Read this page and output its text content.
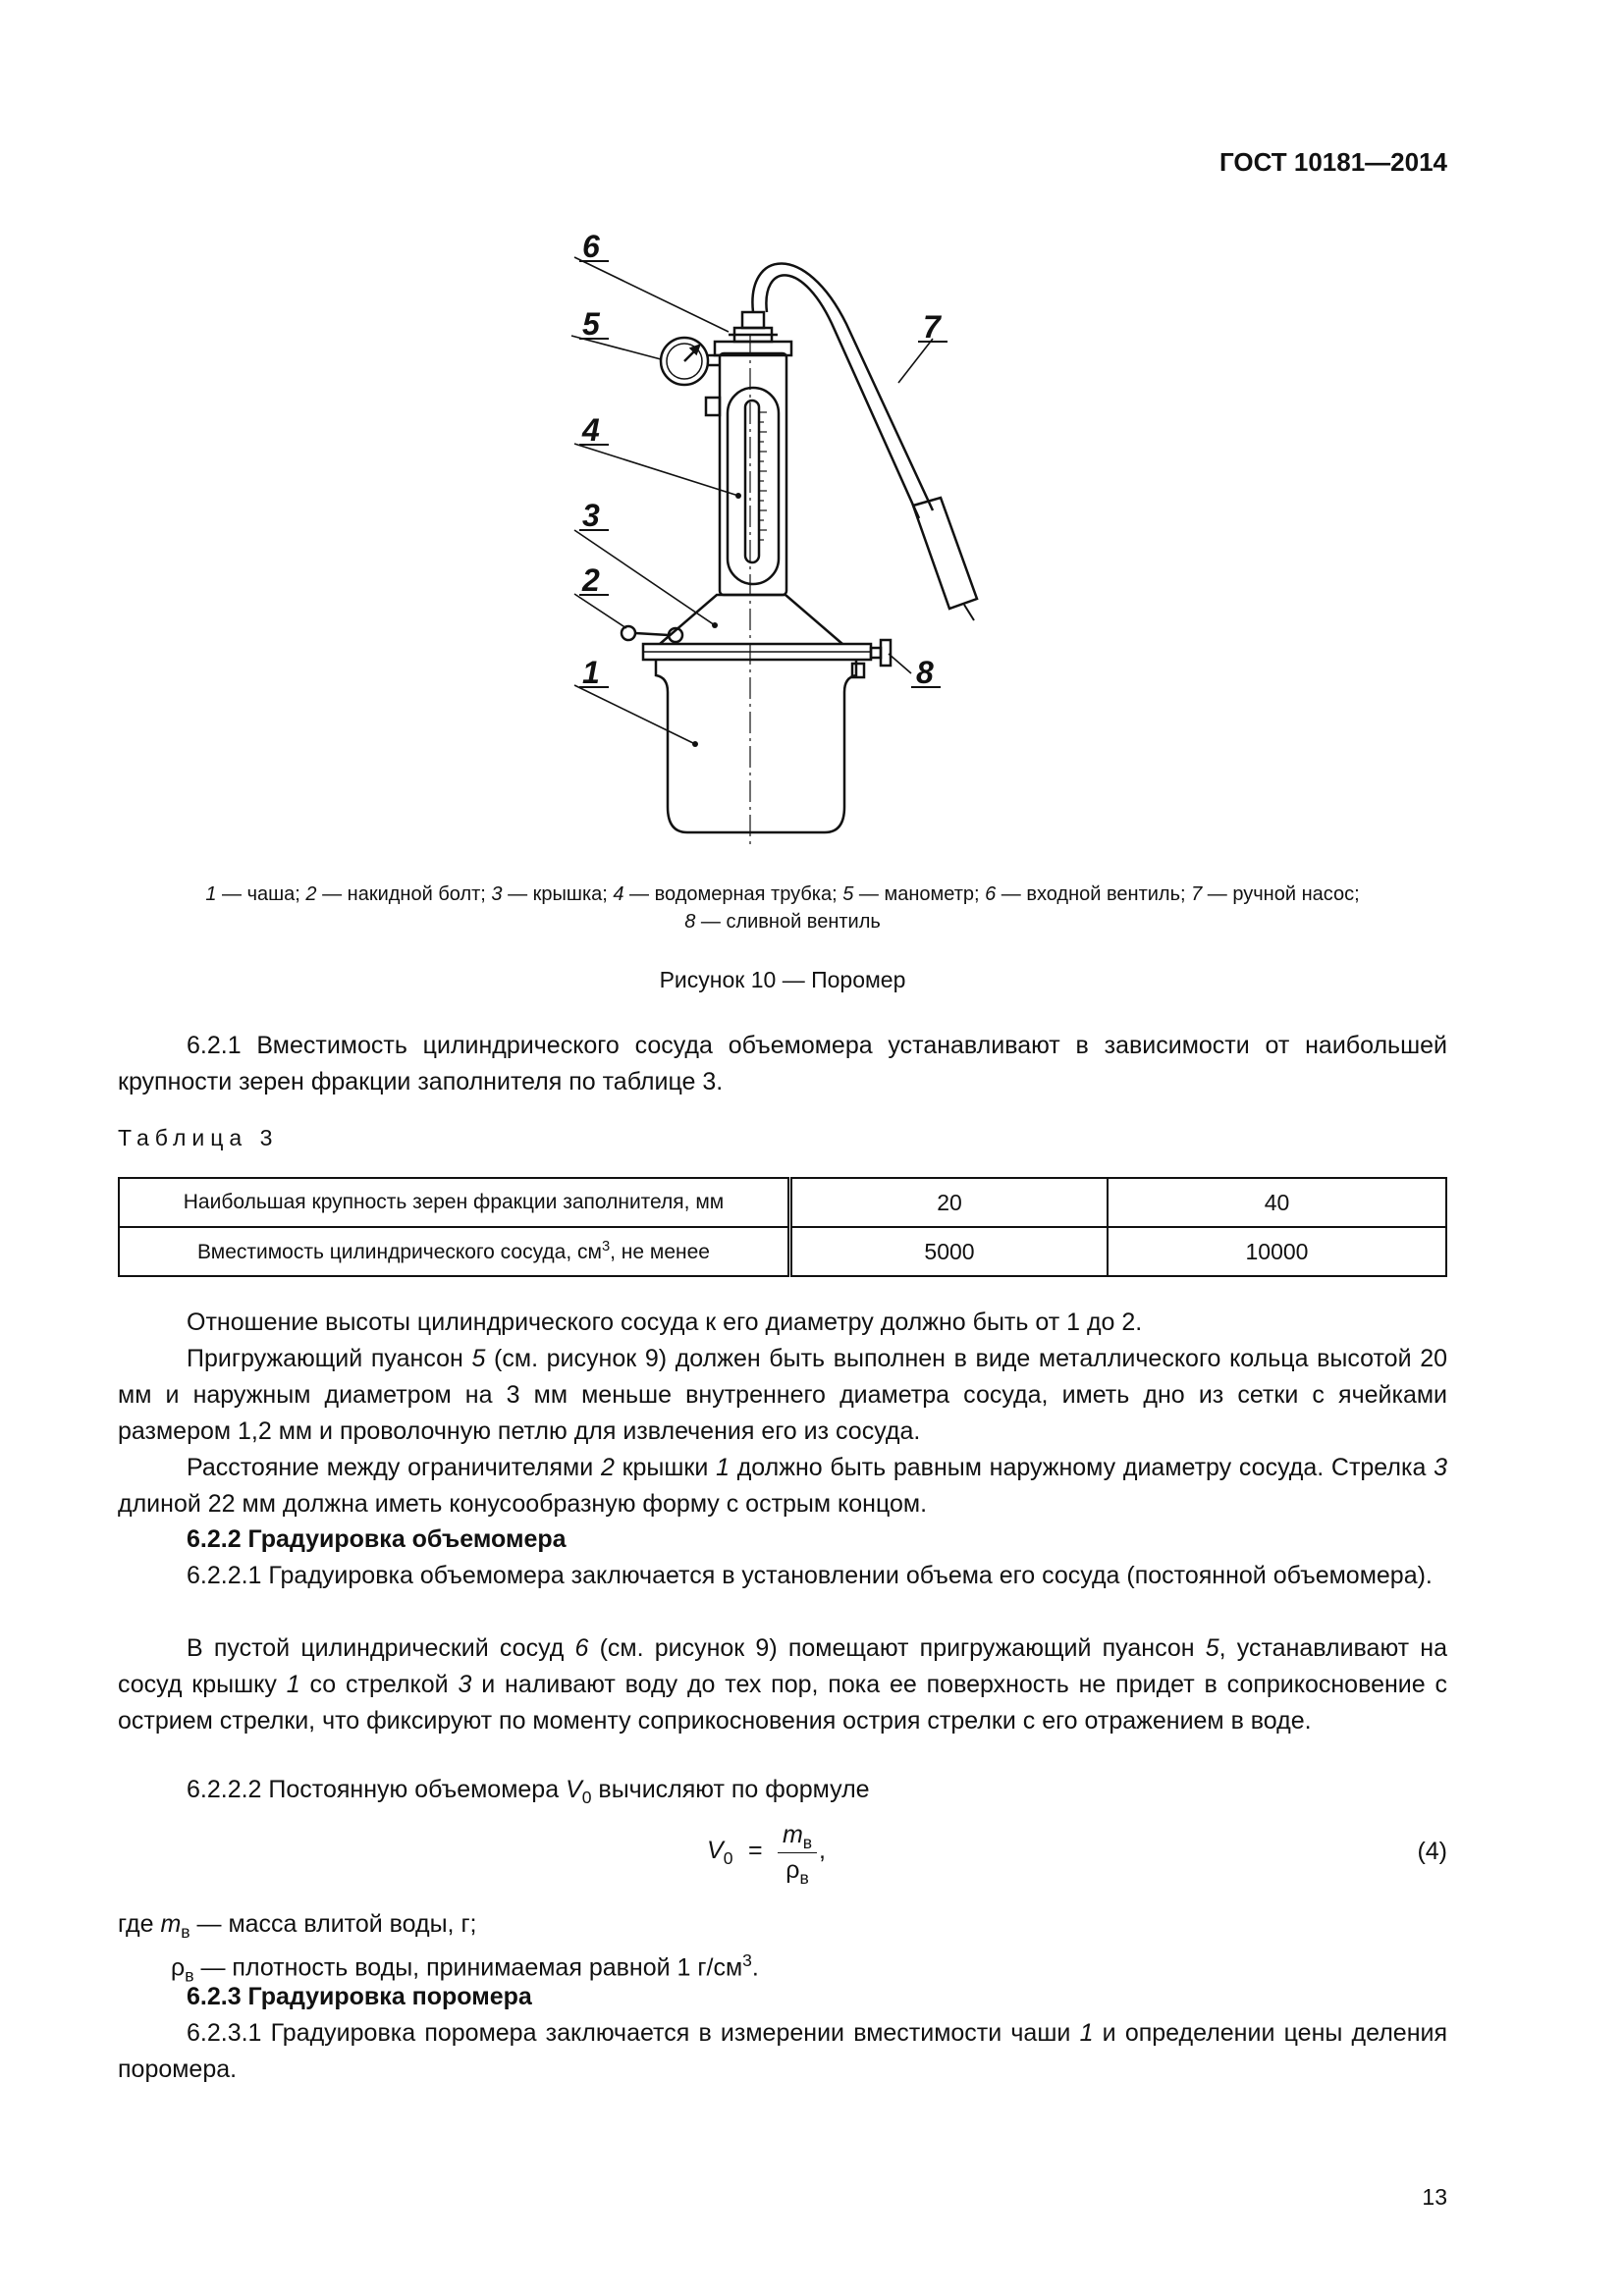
ГОСТ 10181—2014
6
5
4
3
2
1
7
8
1 — чаша; 2 — накидной болт; 3 — крышка; 4 — водомерная трубка; 5 — манометр; 6 — входной вентиль; 7 — ручной насос;
8 — сливной вентиль
Рисунок 10 — Поромер
6.2.1 Вместимость цилиндрического сосуда объемомера устанавливают в зависимости от наибольшей крупности зерен фракции заполнителя по таблице 3.
Таблица 3
Наибольшая крупность зерен фракции заполнителя, мм	20	40
Вместимость цилиндрического сосуда, $см^3$, не менее	5000	10000
Отношение высоты цилиндрического сосуда к его диаметру должно быть от 1 до 2.
Пригружающий пуансон 5 (см. рисунок 9) должен быть выполнен в виде металлического кольца высотой 20 мм и наружным диаметром на 3 мм меньше внутреннего диаметра сосуда, иметь дно из сетки с ячейками размером 1,2 мм и проволочную петлю для извлечения его из сосуда.
Расстояние между ограничителями 2 крышки 1 должно быть равным наружному диаметру сосуда. Стрелка 3 длиной 22 мм должна иметь конусообразную форму с острым концом.
6.2.2 Градуировка объемомера
6.2.2.1 Градуировка объемомера заключается в установлении объема его сосуда (постоянной объемомера).
В пустой цилиндрический сосуд 6 (см. рисунок 9) помещают пригружающий пуансон 5, устанавливают на сосуд крышку 1 со стрелкой 3 и наливают воду до тех пор, пока ее поверхность не придет в соприкосновение с острием стрелки, что фиксируют по моменту соприкосновения острия стрелки с его отражением в воде.
6.2.2.2 Постоянную объемомера $V_0$ вычисляют по формуле
$V_0$ =
$m_в$
$\rho_в$
,	(4)
где $m_в$ — масса влитой воды, г;
$\rho_в$ — плотность воды, принимаемая равной 1 $г/см^3$.
6.2.3 Градуировка поромера
6.2.3.1 Градуировка поромера заключается в измерении вместимости чаши 1 и определении цены деления поромера.
13
